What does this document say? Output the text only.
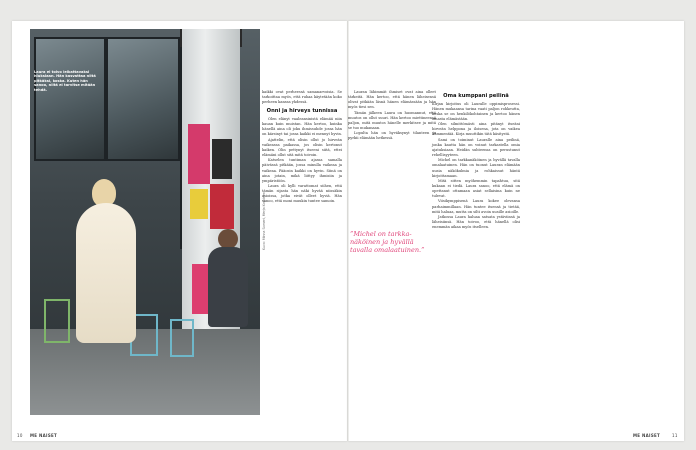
Laura ei toivo leikattavaksi hiuksiaan. Hän kasvattaa niitä pitkäksi, koska. Kuten hän sanoo, niitä ei tarvitse mitään tehdä.
Kuva: Minna Someri, Merja Koskinen

kaikki ovat perheessä samanarvoisia. Se tarkoittaa myös, että ruhaa käytetään koko perheen kanssa yhdessä.

Onni ja hirveys tunnissa

Olen elänyt vaaleansinistä elämää niin kauan kuin muistan. Hän kertoo, kuinka hänellä aina oli joku ihmissuhde jossa hän on kärsinyt tai jossa kaikki ei mennyt hyvin.

Ajattelin, että olisin ollut jo hirveän vaikeassa paikassa, jos olisin kertonut kaiken. Olin pettynyt itseeni siitä, ettei elämäni ollut sitä mitä toivoin.

Katselen tuntiman ajassa samalla päivässä pitkään, jossa minulla vaikeaa ja vaikeaa. Pääosin kaikki on hyvin. Siinä on aina jotain, mikä liittyy ihmisiin ja ympäristöön.

Laura oli kylli varattomat siihen, että tämän sijasta hän näki hyvää niissäkin asioissa, jotka eivät olleet hyviä. Hän sanoo, että moni muukin tuntee samoin.

Lauran lähimmät ihmiset ovat aina olleet tärkeitä. Hän kertoo, että hänen läheisensä olivat pitkään läsnä hänen elämässään ja hän myös tiesi sen.

Tämän jälkeen Laura on huomannut, että muutos on ollut suuri. Hän kertoo miettineensä paljon, mitä muutos hänelle merkitsee ja mitä se tuo mukanaan.

Lopulta hän on hyväksynyt tilanteen ja pyrkii elämään hetkessä.

”Michel on tarkkanäköinen ja hyvällä tavalla omalaatuinen.”
Oma kumppani peilinä

Kirjan kirjoitus oli Lauralle oppimisprosessi. Hänen mukaansa tarina vaati paljon rohkeutta, koska se on henkilökohtainen ja kertoo hänen omasta elämästään.

Olen silmittömästi aina pitänyt itseäni hirveän helppona ja iloisena, jota on vaikea hämmentää. Kirja muuttikin tätä käsitystä.

Sami on toiminut Lauralle aina peilinä, jonka kautta hän on voinut tarkastella omia ajatuksiaan. Heidän suhteensa on perustunut rehellisyyteen.

Michel on tarkkanäköinen ja hyvällä tavalla omalaatuinen. Hän on tuonut Lauran elämään uusia näkökulmia ja rohkaissut häntä kirjoittamaan.

Mitä sitten myöhemmin tapahtuu, sitä kukaan ei tiedä. Laura sanoo, että elämä on opettanut ottamaan asiat sellaisina kuin ne tulevat.

Viisikymppisenä Laura kokee olevansa parhaimmillaan. Hän tuntee itsensä ja tietää, mitä haluaa, mutta on silti avoin uusille asioille.

Jatkossa Laura haluaa satsata ystäviinsä ja läheisiinsä. Hän toivoo, että hänellä olisi enemmän aikaa myös itselleen.

10 ME NAISET	ME NAISET	11
